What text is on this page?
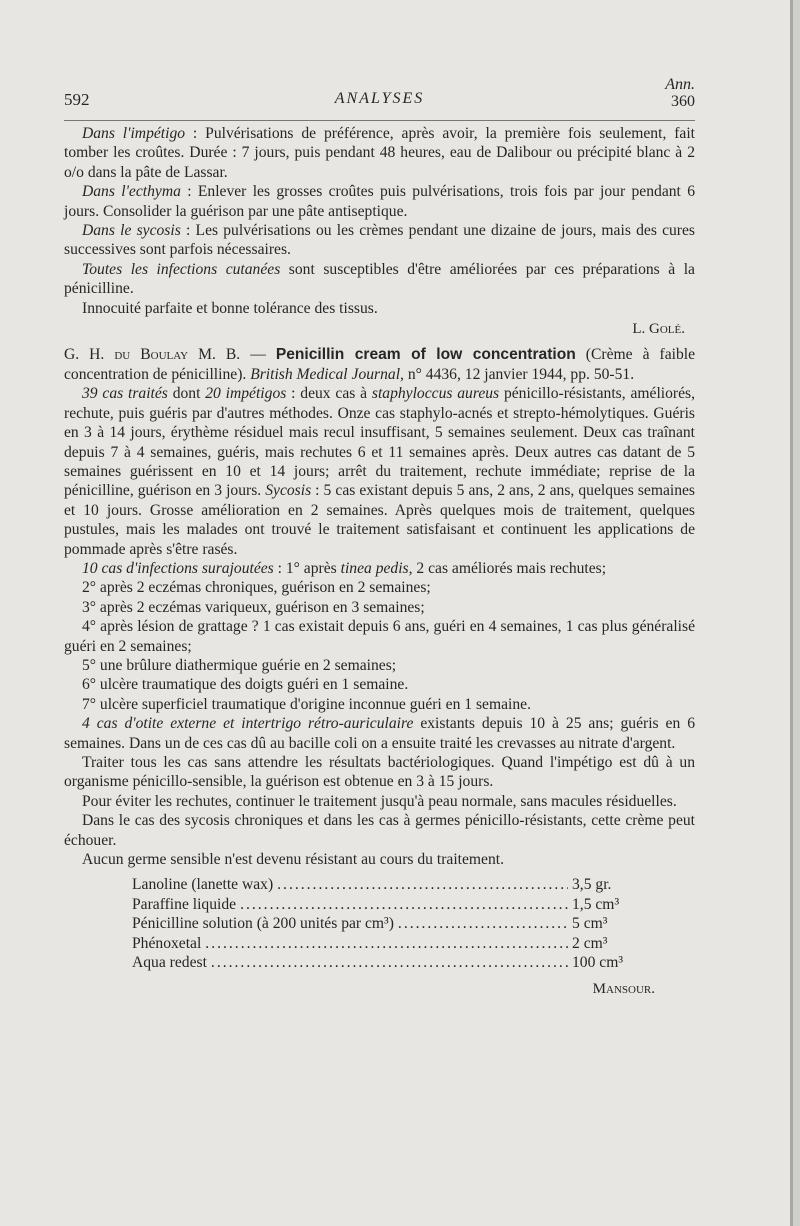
592	ANALYSES
Ann.
360

Dans l'impétigo : Pulvérisations de préférence, après avoir, la première fois seulement, fait tomber les croûtes. Durée : 7 jours, puis pendant 48 heures, eau de Dalibour ou précipité blanc à 2 o/o dans la pâte de Lassar.

Dans l'ecthyma : Enlever les grosses croûtes puis pulvérisations, trois fois par jour pendant 6 jours. Consolider la guérison par une pâte antiseptique.

Dans le sycosis : Les pulvérisations ou les crèmes pendant une dizaine de jours, mais des cures successives sont parfois nécessaires.

Toutes les infections cutanées sont susceptibles d'être améliorées par ces préparations à la pénicilline.

Innocuité parfaite et bonne tolérance des tissus.

L. Golé.

G. H. du Boulay M. B. — Penicillin cream of low concentration (Crème à faible concentration de pénicilline). British Medical Journal, n° 4436, 12 janvier 1944, pp. 50-51.

39 cas traités dont 20 impétigos : deux cas à staphyloccus aureus pénicillo-résistants, améliorés, rechute, puis guéris par d'autres méthodes. Onze cas staphylo-acnés et strepto-hémolytiques. Guéris en 3 à 14 jours, érythème résiduel mais recul insuffisant, 5 semaines seulement. Deux cas traînant depuis 7 à 4 semaines, guéris, mais rechutes 6 et 11 semaines après. Deux autres cas datant de 5 semaines guérissent en 10 et 14 jours; arrêt du traitement, rechute immédiate; reprise de la pénicilline, guérison en 3 jours. Sycosis : 5 cas existant depuis 5 ans, 2 ans, 2 ans, quelques semaines et 10 jours. Grosse amélioration en 2 semaines. Après quelques mois de traitement, quelques pustules, mais les malades ont trouvé le traitement satisfaisant et continuent les applications de pommade après s'être rasés.

10 cas d'infections surajoutées : 1° après tinea pedis, 2 cas améliorés mais rechutes;

2° après 2 eczémas chroniques, guérison en 2 semaines;

3° après 2 eczémas variqueux, guérison en 3 semaines;

4° après lésion de grattage ? 1 cas existait depuis 6 ans, guéri en 4 semaines, 1 cas plus généralisé guéri en 2 semaines;

5° une brûlure diathermique guérie en 2 semaines;

6° ulcère traumatique des doigts guéri en 1 semaine.

7° ulcère superficiel traumatique d'origine inconnue guéri en 1 semaine.

4 cas d'otite externe et intertrigo rétro-auriculaire existants depuis 10 à 25 ans; guéris en 6 semaines. Dans un de ces cas dû au bacille coli on a ensuite traité les crevasses au nitrate d'argent.

Traiter tous les cas sans attendre les résultats bactériologiques. Quand l'impétigo est dû à un organisme pénicillo-sensible, la guérison est obtenue en 3 à 15 jours.

Pour éviter les rechutes, continuer le traitement jusqu'à peau normale, sans macules résiduelles.

Dans le cas des sycosis chroniques et dans les cas à germes pénicillo-résistants, cette crème peut échouer.

Aucun germe sensible n'est devenu résistant au cours du traitement.

Lanoline (lanette wax) .....	3,5 gr.
Paraffine liquide .....	1,5 cm³
Pénicilline solution (à 200 unités par cm³) .....	5 cm³
Phénoxetal .....	2 cm³
Aqua redest .....	100 cm³
Mansour.
